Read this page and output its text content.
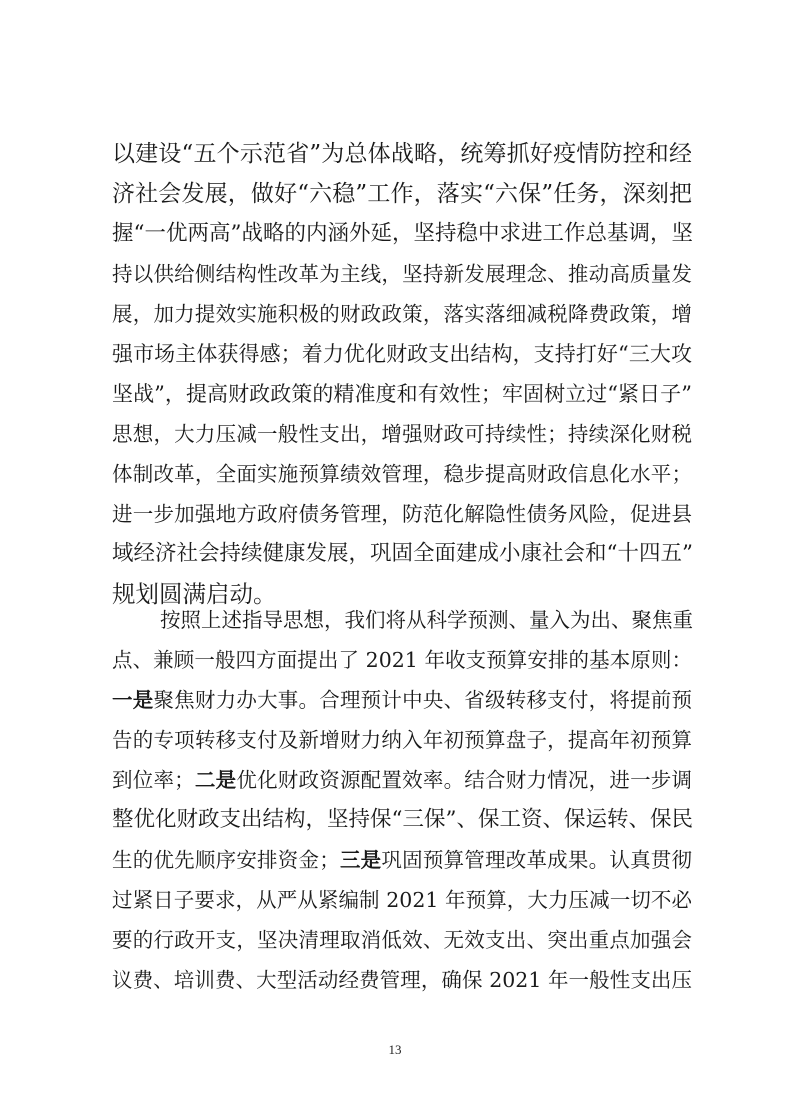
以建设“五个示范省”为总体战略，统筹抓好疫情防控和经
济社会发展，做好“六稳”工作，落实“六保”任务，深刻把
握“一优两高”战略的内涵外延，坚持稳中求进工作总基调，坚
持以供给侧结构性改革为主线，坚持新发展理念、推动高质量发
展，加力提效实施积极的财政政策，落实落细减税降费政策，增
强市场主体获得感；着力优化财政支出结构，支持打好“三大攻
坚战”，提高财政政策的精准度和有效性；牢固树立过“紧日子”
思想，大力压减一般性支出，增强财政可持续性；持续深化财税
体制改革，全面实施预算绩效管理，稳步提高财政信息化水平；
进一步加强地方政府债务管理，防范化解隐性债务风险，促进县
域经济社会持续健康发展，巩固全面建成小康社会和“十四五”
规划圆满启动。
按照上述指导思想，我们将从科学预测、量入为出、聚焦重
点、兼顾一般四方面提出了 2021 年收支预算安排的基本原则：
一是聚焦财力办大事。合理预计中央、省级转移支付，将提前预
告的专项转移支付及新增财力纳入年初预算盘子，提高年初预算
到位率；二是优化财政资源配置效率。结合财力情况，进一步调
整优化财政支出结构，坚持保“三保”、保工资、保运转、保民
生的优先顺序安排资金；三是巩固预算管理改革成果。认真贯彻
过紧日子要求，从严从紧编制 2021 年预算，大力压减一切不必
要的行政开支，坚决清理取消低效、无效支出、突出重点加强会
议费、培训费、大型活动经费管理，确保 2021 年一般性支出压
13
